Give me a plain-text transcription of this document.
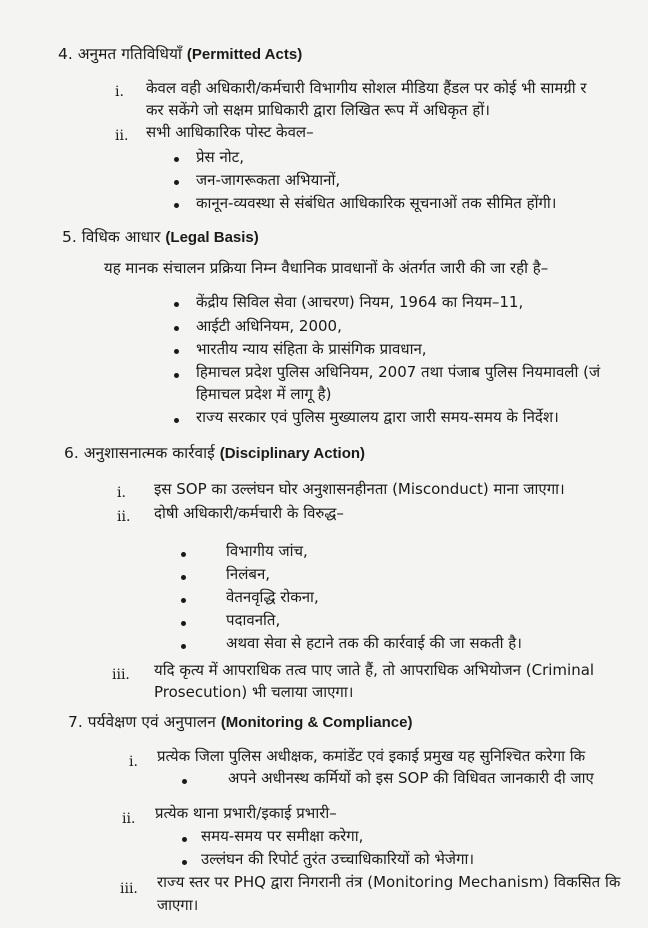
4. अनुमत गतिविधियाँ (Permitted Acts)
i. केवल वही अधिकारी/कर्मचारी विभागीय सोशल मीडिया हैंडल पर कोई भी सामग्री र
कर सकेंगे जो सक्षम प्राधिकारी द्वारा लिखित रूप में अधिकृत हों।
ii. सभी आधिकारिक पोस्ट केवल–
प्रेस नोट,
जन-जागरूकता अभियानों,
कानून-व्यवस्था से संबंधित आधिकारिक सूचनाओं तक सीमित होंगी।
5. विधिक आधार (Legal Basis)
यह मानक संचालन प्रक्रिया निम्न वैधानिक प्रावधानों के अंतर्गत जारी की जा रही है–
केंद्रीय सिविल सेवा (आचरण) नियम, 1964 का नियम–11,
आईटी अधिनियम, 2000,
भारतीय न्याय संहिता के प्रासंगिक प्रावधान,
हिमाचल प्रदेश पुलिस अधिनियम, 2007 तथा पंजाब पुलिस नियमावली (जं
हिमाचल प्रदेश में लागू है)
राज्य सरकार एवं पुलिस मुख्यालय द्वारा जारी समय-समय के निर्देश।
6. अनुशासनात्मक कार्रवाई (Disciplinary Action)
i. इस SOP का उल्लंघन घोर अनुशासनहीनता (Misconduct) माना जाएगा।
ii. दोषी अधिकारी/कर्मचारी के विरुद्ध–
विभागीय जांच,
निलंबन,
वेतनवृद्धि रोकना,
पदावनति,
अथवा सेवा से हटाने तक की कार्रवाई की जा सकती है।
iii. यदि कृत्य में आपराधिक तत्व पाए जाते हैं, तो आपराधिक अभियोजन (Criminal
Prosecution) भी चलाया जाएगा।
7. पर्यवेक्षण एवं अनुपालन (Monitoring & Compliance)
i. प्रत्येक जिला पुलिस अधीक्षक, कमांडेंट एवं इकाई प्रमुख यह सुनिश्चित करेगा कि
अपने अधीनस्थ कर्मियों को इस SOP की विधिवत जानकारी दी जाए
ii. प्रत्येक थाना प्रभारी/इकाई प्रभारी–
समय-समय पर समीक्षा करेगा,
उल्लंघन की रिपोर्ट तुरंत उच्चाधिकारियों को भेजेगा।
iii. राज्य स्तर पर PHQ द्वारा निगरानी तंत्र (Monitoring Mechanism) विकसित कि
जाएगा।
